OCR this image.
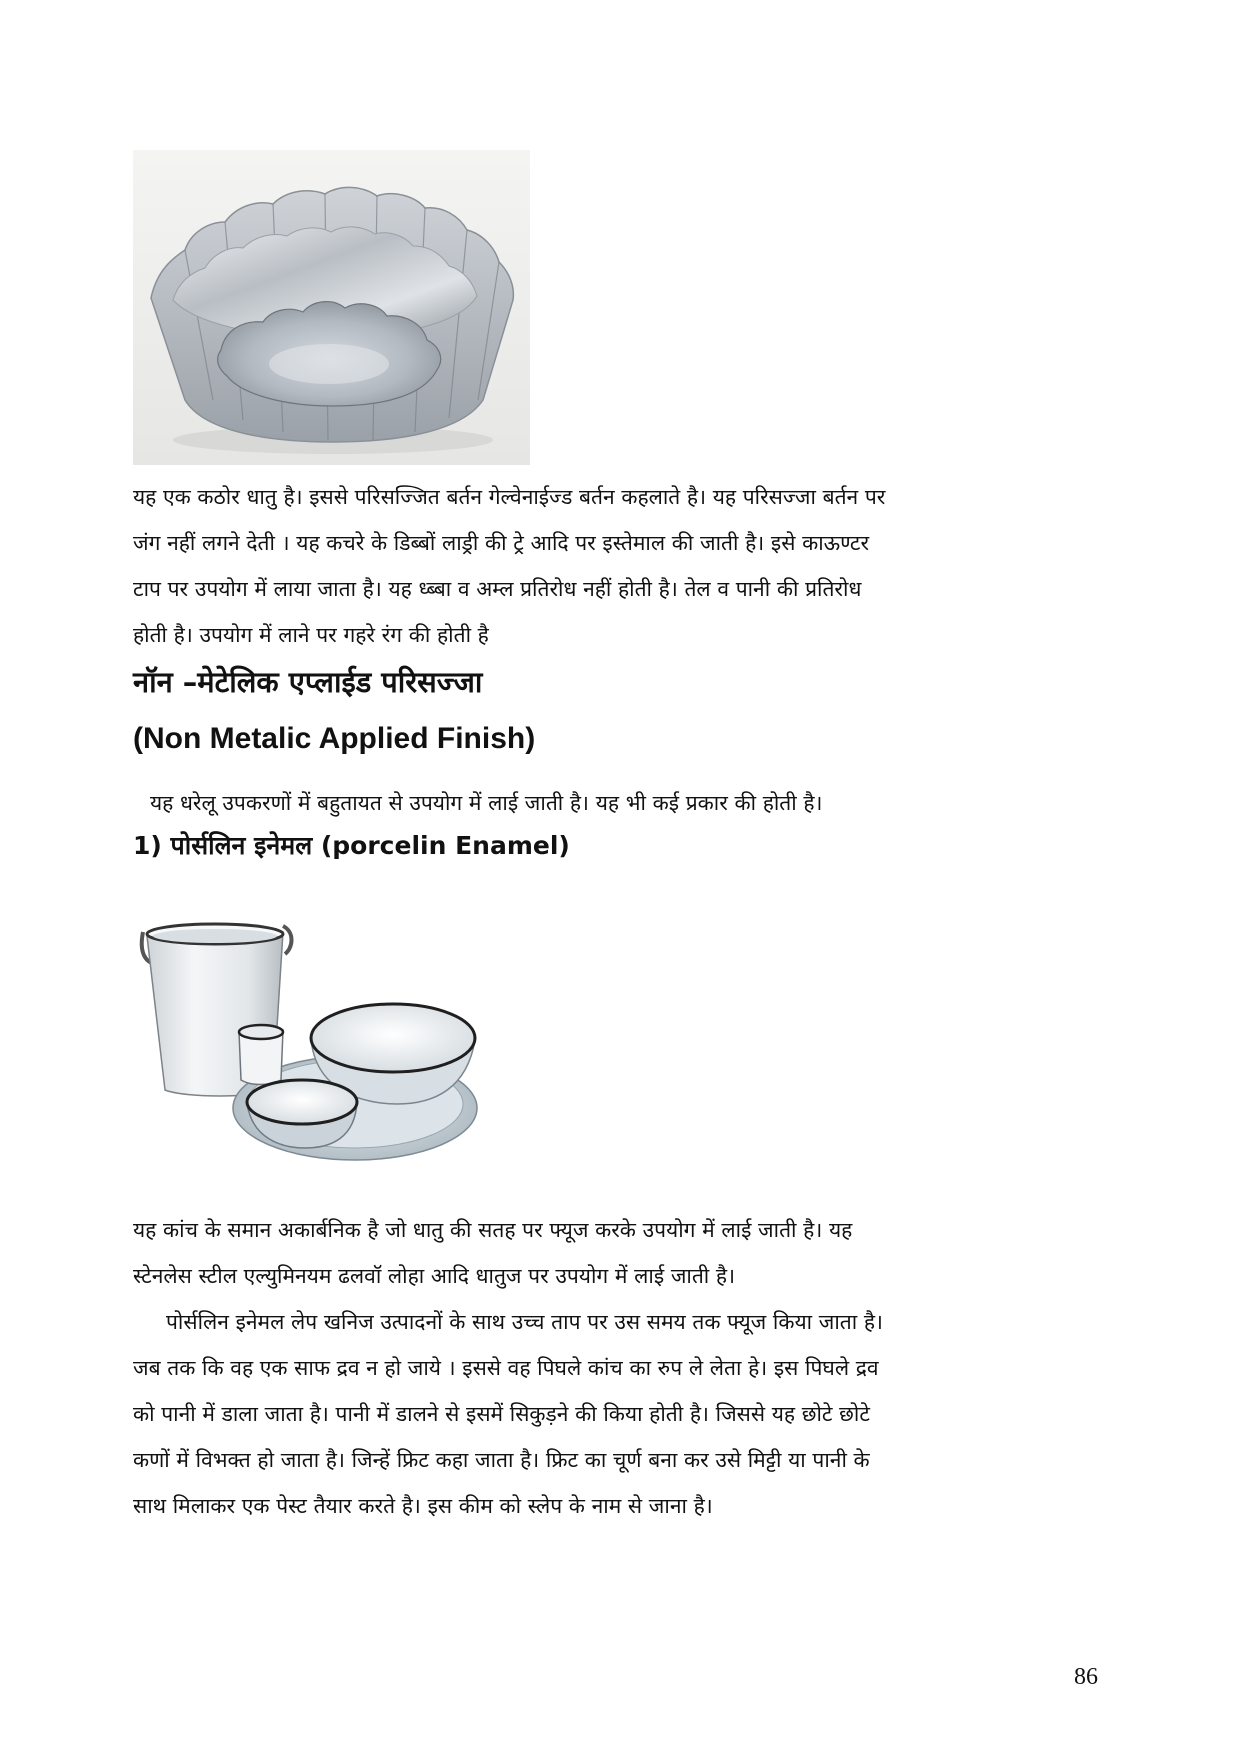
यह एक कठोर धातु है। इससे परिसज्जित बर्तन गेल्वेनाईज्ड बर्तन कहलाते है। यह परिसज्जा बर्तन पर
जंग नहीं लगने देती । यह कचरे के डिब्बों लाड्री की ट्रे आदि पर इस्तेमाल की जाती है। इसे काऊण्टर
टाप पर उपयोग में लाया जाता है। यह ध्ब्बा व अम्ल प्रतिरोध नहीं होती है। तेल व पानी की प्रतिरोध
होती है। उपयोग में लाने पर गहरे रंग की होती है

नॉन –मेटेलिक एप्लाईड परिसज्जा
(Non Metalic Applied Finish)

यह धरेलू उपकरणों में बहुतायत से उपयोग में लाई जाती है। यह भी कई प्रकार की होती है।

1) पोर्सलिन इनेमल (porcelin Enamel)

यह कांच के समान अकार्बनिक है जो धातु की सतह पर फ्यूज करके उपयोग में लाई जाती है। यह
स्टेनलेस स्टील एल्युमिनयम ढलवॉ लोहा आदि धातुज पर उपयोग में लाई जाती है।

पोर्सलिन इनेमल लेप खनिज उत्पादनों के साथ उच्च ताप पर उस समय तक फ्यूज किया जाता है।
जब तक कि वह एक साफ द्रव न हो जाये । इससे वह पिघले कांच का रुप ले लेता हे। इस पिघले द्रव
को पानी में डाला जाता है। पानी में डालने से इसमें सिकुड़ने की किया होती है। जिससे यह छोटे छोटे
कणों में विभक्त हो जाता है। जिन्हें फ्रिट कहा जाता है। फ्रिट का चूर्ण बना कर उसे मिट्टी या पानी के
साथ मिलाकर एक पेस्ट तैयार करते है। इस कीम को स्लेप के नाम से जाना है।

86
